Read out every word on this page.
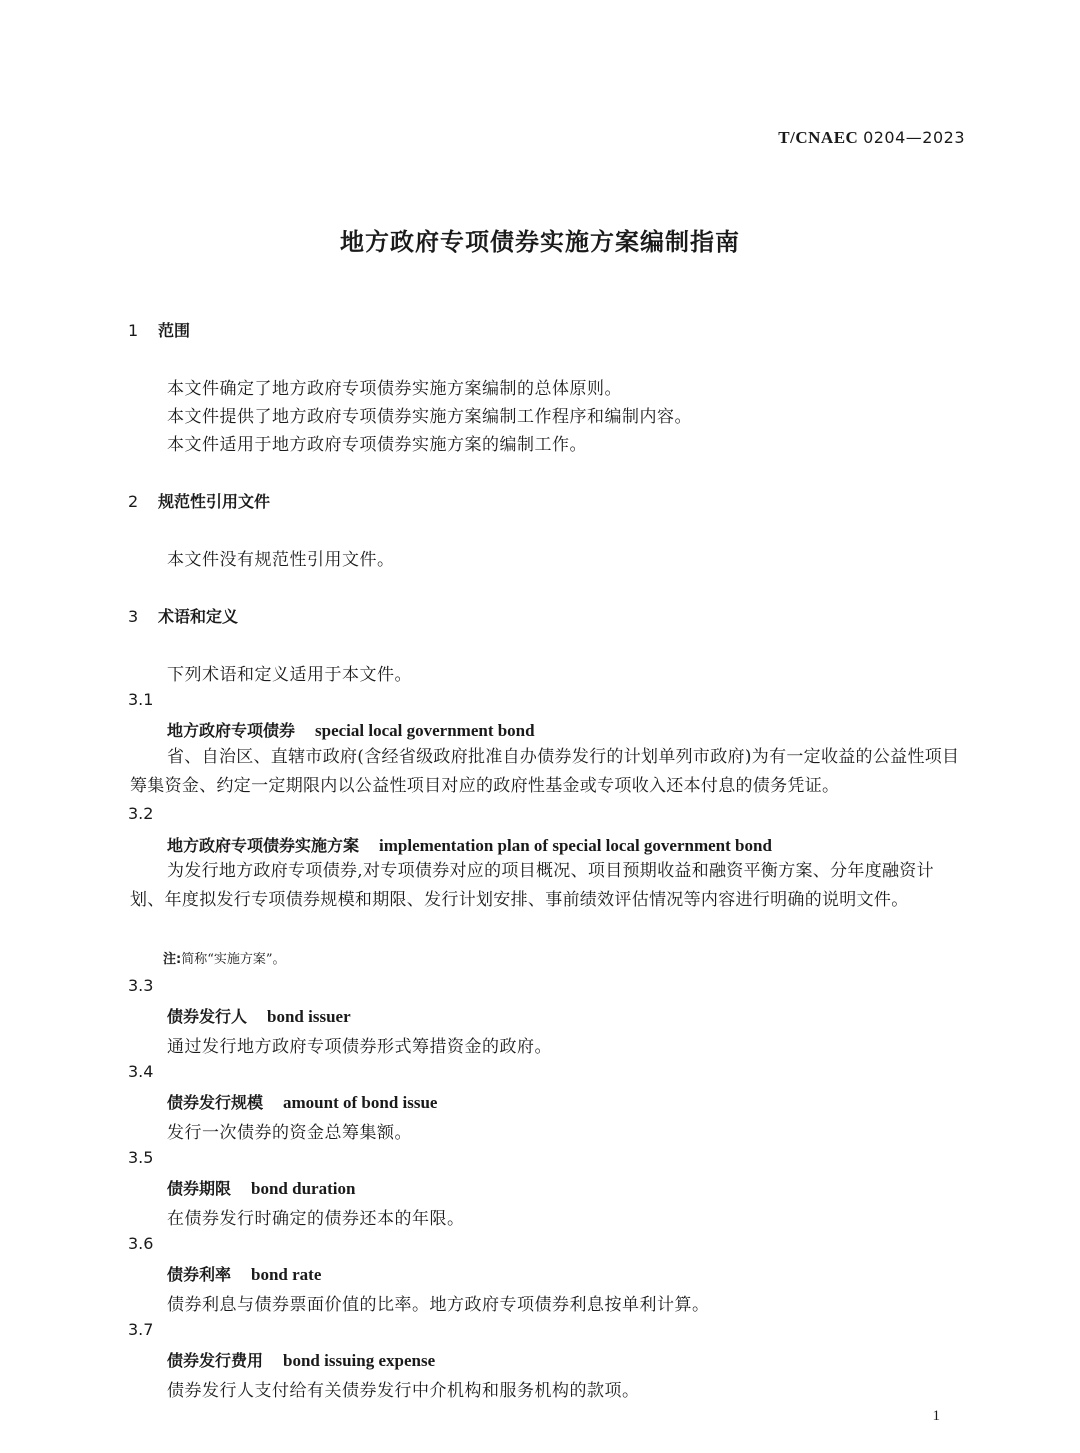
T/CNAEC 0204—2023
地方政府专项债券实施方案编制指南
1 范围
本文件确定了地方政府专项债券实施方案编制的总体原则。
本文件提供了地方政府专项债券实施方案编制工作程序和编制内容。
本文件适用于地方政府专项债券实施方案的编制工作。
2 规范性引用文件
本文件没有规范性引用文件。
3 术语和定义
下列术语和定义适用于本文件。
3.1
地方政府专项债券 special local government bond
省、自治区、直辖市政府(含经省级政府批准自办债券发行的计划单列市政府)为有一定收益的公益性项目筹集资金、约定一定期限内以公益性项目对应的政府性基金或专项收入还本付息的债务凭证。
3.2
地方政府专项债券实施方案 implementation plan of special local government bond
为发行地方政府专项债券,对专项债券对应的项目概况、项目预期收益和融资平衡方案、分年度融资计划、年度拟发行专项债券规模和期限、发行计划安排、事前绩效评估情况等内容进行明确的说明文件。
注:简称“实施方案”。
3.3
债券发行人 bond issuer
通过发行地方政府专项债券形式筹措资金的政府。
3.4
债券发行规模 amount of bond issue
发行一次债券的资金总筹集额。
3.5
债券期限 bond duration
在债券发行时确定的债券还本的年限。
3.6
债券利率 bond rate
债券利息与债券票面价值的比率。地方政府专项债券利息按单利计算。
3.7
债券发行费用 bond issuing expense
债券发行人支付给有关债券发行中介机构和服务机构的款项。
1
